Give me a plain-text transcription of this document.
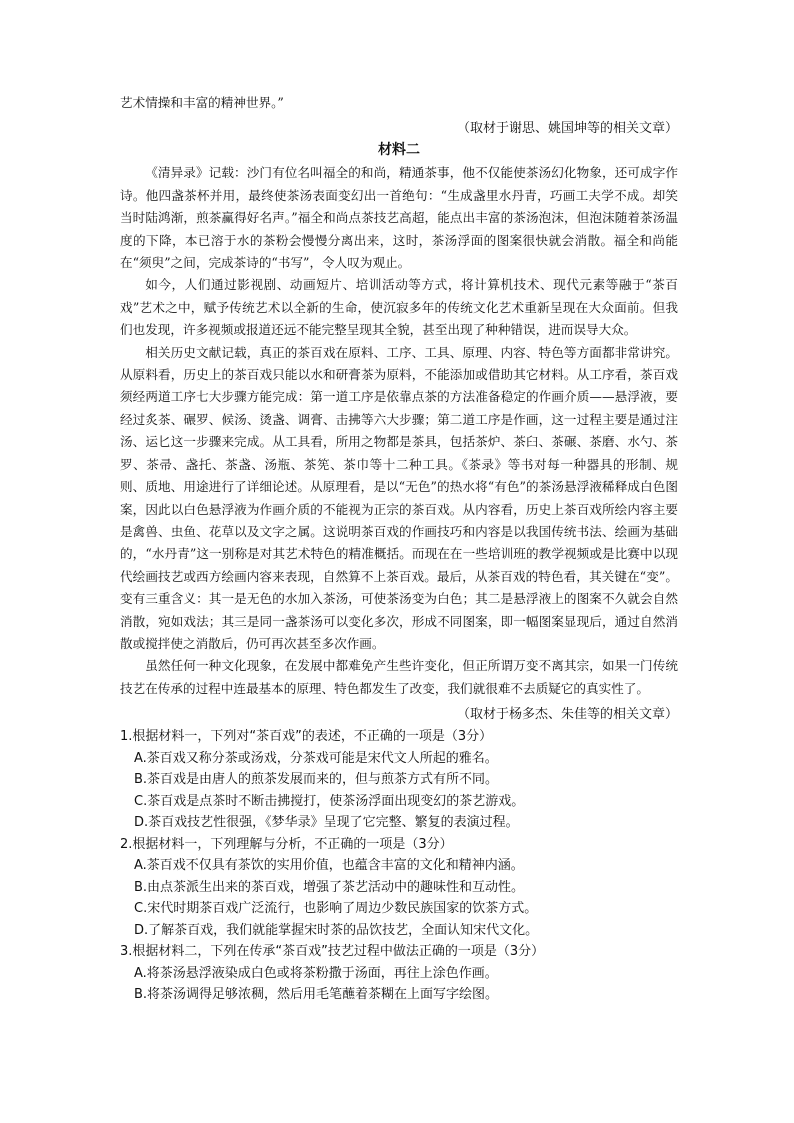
艺术情操和丰富的精神世界。”

（取材于谢思、姚国坤等的相关文章）

材料二

《清异录》记载：沙门有位名叫福全的和尚，精通茶事，他不仅能使茶汤幻化物象，还可成字作诗。他四盏茶杯并用，最终使茶汤表面变幻出一首绝句：“生成盏里水丹青，巧画工夫学不成。却笑当时陆鸿渐，煎茶赢得好名声。”福全和尚点茶技艺高超，能点出丰富的茶汤泡沫，但泡沫随着茶汤温度的下降，本已溶于水的茶粉会慢慢分离出来，这时，茶汤浮面的图案很快就会消散。福全和尚能在“须臾”之间，完成茶诗的“书写”，令人叹为观止。

如今，人们通过影视剧、动画短片、培训活动等方式，将计算机技术、现代元素等融于“茶百戏”艺术之中，赋予传统艺术以全新的生命，使沉寂多年的传统文化艺术重新呈现在大众面前。但我们也发现，许多视频或报道还远不能完整呈现其全貌，甚至出现了种种错误，进而误导大众。

相关历史文献记载，真正的茶百戏在原料、工序、工具、原理、内容、特色等方面都非常讲究。从原料看，历史上的茶百戏只能以水和研膏茶为原料，不能添加或借助其它材料。从工序看，茶百戏须经两道工序七大步骤方能完成：第一道工序是依靠点茶的方法准备稳定的作画介质——悬浮液，要经过炙茶、碾罗、候汤、烫盏、调膏、击拂等六大步骤；第二道工序是作画，这一过程主要是通过注汤、运匕这一步骤来完成。从工具看，所用之物都是茶具，包括茶炉、茶臼、茶碾、茶磨、水勺、茶罗、茶帚、盏托、茶盏、汤瓶、茶筅、茶巾等十二种工具。《茶录》等书对每一种器具的形制、规则、质地、用途进行了详细论述。从原理看，是以“无色”的热水将“有色”的茶汤悬浮液稀释成白色图案，因此以白色悬浮液为作画介质的不能视为正宗的茶百戏。从内容看，历史上茶百戏所绘内容主要是禽兽、虫鱼、花草以及文字之属。这说明茶百戏的作画技巧和内容是以我国传统书法、绘画为基础的，“水丹青”这一别称是对其艺术特色的精准概括。而现在在一些培训班的教学视频或是比赛中以现代绘画技艺或西方绘画内容来表现，自然算不上茶百戏。最后，从茶百戏的特色看，其关键在“变”。变有三重含义：其一是无色的水加入茶汤，可使茶汤变为白色；其二是悬浮液上的图案不久就会自然消散，宛如戏法；其三是同一盏茶汤可以变化多次，形成不同图案，即一幅图案显现后，通过自然消散或搅拌使之消散后，仍可再次甚至多次作画。

虽然任何一种文化现象，在发展中都难免产生些许变化，但正所谓万变不离其宗，如果一门传统技艺在传承的过程中连最基本的原理、特色都发生了改变，我们就很难不去质疑它的真实性了。

（取材于杨多杰、朱佳等的相关文章）

1.根据材料一，下列对“茶百戏”的表述，不正确的一项是（3分）

A.茶百戏又称分茶或汤戏，分茶戏可能是宋代文人所起的雅名。

B.茶百戏是由唐人的煎茶发展而来的，但与煎茶方式有所不同。

C.茶百戏是点茶时不断击拂搅打，使茶汤浮面出现变幻的茶艺游戏。

D.茶百戏技艺性很强，《梦华录》呈现了它完整、繁复的表演过程。

2.根据材料一，下列理解与分析，不正确的一项是（3分）

A.茶百戏不仅具有茶饮的实用价值，也蕴含丰富的文化和精神内涵。

B.由点茶派生出来的茶百戏，增强了茶艺活动中的趣味性和互动性。

C.宋代时期茶百戏广泛流行，也影响了周边少数民族国家的饮茶方式。

D.了解茶百戏，我们就能掌握宋时茶的品饮技艺，全面认知宋代文化。

3.根据材料二，下列在传承“茶百戏”技艺过程中做法正确的一项是（3分）

A.将茶汤悬浮液染成白色或将茶粉撒于汤面，再往上涂色作画。

B.将茶汤调得足够浓稠，然后用毛笔蘸着茶糊在上面写字绘图。
